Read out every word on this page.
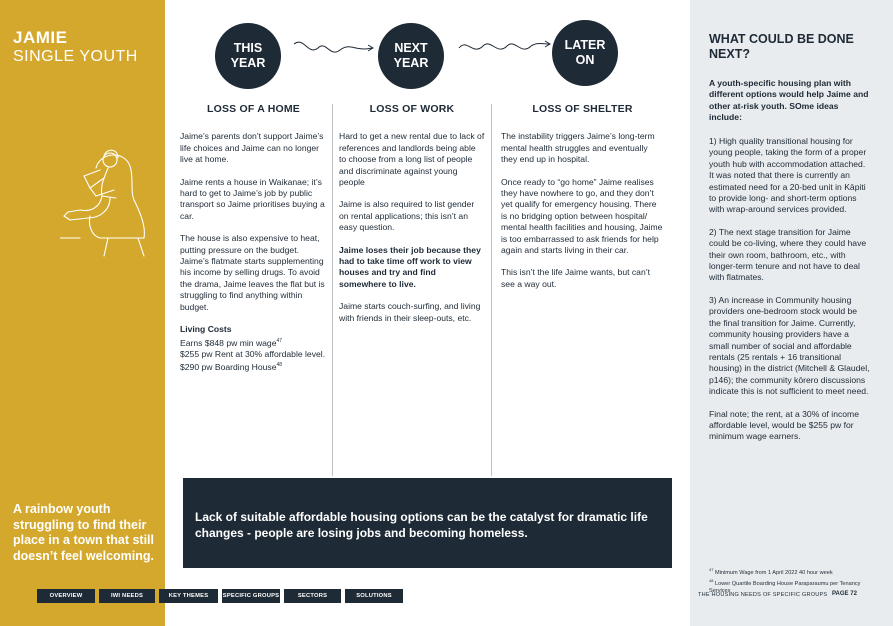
JAMIE
SINGLE YOUTH
A rainbow youth struggling to find their place in a town that still doesn’t feel welcoming.
THIS
YEAR
NEXT
YEAR
LATER
ON
LOSS OF A HOME

Jaime’s parents don’t support Jaime’s life choices and Jaime can no longer live at home.

Jaime rents a house in Waikanae; it’s hard to get to Jaime’s job by public transport so Jaime prioritises buying a car.

The house is also expensive to heat, putting pressure on the budget. Jaime’s flatmate starts supplementing his income by selling drugs. To avoid the drama, Jaime leaves the flat but is struggling to find anything within budget.

Living Costs
Earns $848 pw min wage$^{47}$
$255 pw Rent at 30% affordable level.
$290 pw Boarding House$^{48}$
LOSS OF WORK

Hard to get a new rental due to lack of references and landlords being able to choose from a long list of people and discriminate against young people

Jaime is also required to list gender on rental applications; this isn’t an easy question.

Jaime loses their job because they had to take time off work to view houses and try and find somewhere to live.

Jaime starts couch-surfing, and living with friends in their sleep-outs, etc.

LOSS OF SHELTER

The instability triggers Jaime’s long-term mental health struggles and eventually they end up in hospital.

Once ready to “go home” Jaime realises they have nowhere to go, and they don’t yet qualify for emergency housing. There is no bridging option between hospital/ mental health facilities and housing, Jaime is too embarrassed to ask friends for help again and starts living in their car.

This isn’t the life Jaime wants, but can’t see a way out.

Lack of suitable affordable housing options can be the catalyst for dramatic life changes - people are losing jobs and becoming homeless.

OVERVIEW	IWI NEEDS	KEY THEMES	SPECIFIC GROUPS	SECTORS	SOLUTIONS
WHAT COULD BE DONE NEXT?
A youth-specific housing plan with different options would help Jaime and other at-risk youth. SOme ideas include:

1) High quality transitional housing for young people, taking the form of a proper youth hub with accommodation attached. It was noted that there is currently an estimated need for a 20-bed unit in Kāpiti to provide long- and short-term options with wrap-around services provided.

2) The next stage transition for Jaime could be co-living, where they could have their own room, bathroom, etc., with longer-term tenure and not have to deal with flatmates.

3) An increase in Community housing providers one-bedroom stock would be the final transition for Jaime. Currently, community housing providers have a small number of social and affordable rentals (25 rentals + 16 transitional housing) in the district (Mitchell & Glaudel, p146); the community kōrero discussions indicate this is not sufficient to meet need.

Final note; the rent, at a 30% of income affordable level, would be $255 pw for minimum wage earners.

$^{47}$ Minimum Wage from 1 April 2022 40 hour week
$^{48}$ Lower Quartile Boarding House Paraparaumu per Tenancy Services
THE HOUSING NEEDS OF SPECIFIC GROUPS PAGE 72
